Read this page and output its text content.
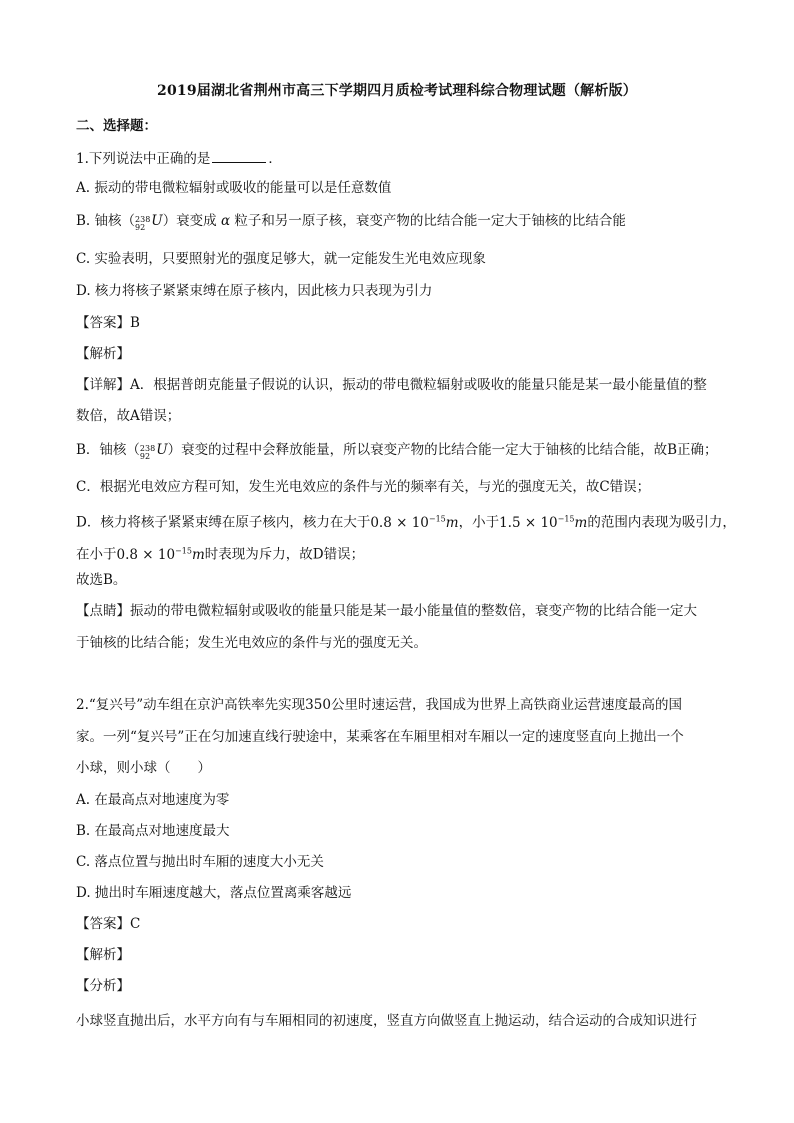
2019届湖北省荆州市高三下学期四月质检考试理科综合物理试题（解析版）
二、选择题：
1.下列说法中正确的是	．
A. 振动的带电微粒辐射或吸收的能量可以是任意数值
B. 铀核（ 238
92 U）衰变成 α 粒子和另一原子核，衰变产物的比结合能一定大于铀核的比结合能
C. 实验表明，只要照射光的强度足够大，就一定能发生光电效应现象
D. 核力将核子紧紧束缚在原子核内，因此核力只表现为引力
【答案】B
【解析】
【详解】A．根据普朗克能量子假说的认识，振动的带电微粒辐射或吸收的能量只能是某一最小能量值的整
数倍，故A错误；
B．铀核（ 238
92 U）衰变的过程中会释放能量，所以衰变产物的比结合能一定大于铀核的比结合能，故B正确；
C．根据光电效应方程可知，发生光电效应的条件与光的频率有关，与光的强度无关，故C错误；
D．核力将核子紧紧束缚在原子核内，核力在大于$0.8 \times 10^{-15}m$，小于$1.5 \times 10^{-15}m$的范围内表现为吸引力，
在小于$0.8 \times 10^{-15}m$时表现为斥力，故D错误；
故选B。
【点睛】振动的带电微粒辐射或吸收的能量只能是某一最小能量值的整数倍，衰变产物的比结合能一定大
于铀核的比结合能；发生光电效应的条件与光的强度无关。
2.“复兴号”动车组在京沪高铁率先实现350公里时速运营，我国成为世界上高铁商业运营速度最高的国
家。一列“复兴号”正在匀加速直线行驶途中，某乘客在车厢里相对车厢以一定的速度竖直向上抛出一个
小球，则小球（　　）
A. 在最高点对地速度为零
B. 在最高点对地速度最大
C. 落点位置与抛出时车厢的速度大小无关
D. 抛出时车厢速度越大，落点位置离乘客越远
【答案】C
【解析】
【分析】
小球竖直抛出后，水平方向有与车厢相同的初速度，竖直方向做竖直上抛运动，结合运动的合成知识进行
